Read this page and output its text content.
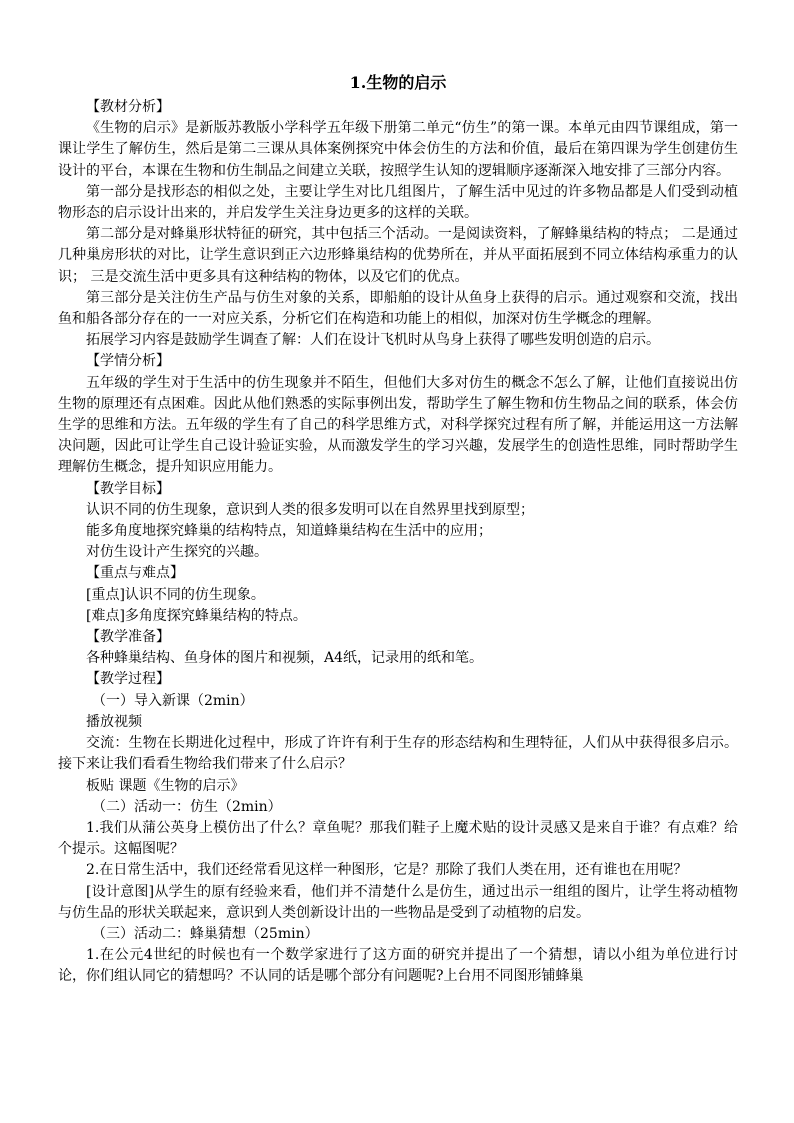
1.生物的启示

【教材分析】

《生物的启示》是新版苏教版小学科学五年级下册第二单元“仿生”的第一课。本单元由四节课组成，第一课让学生了解仿生，然后是第二三课从具体案例探究中体会仿生的方法和价值，最后在第四课为学生创建仿生设计的平台，本课在生物和仿生制品之间建立关联，按照学生认知的逻辑顺序逐渐深入地安排了三部分内容。

第一部分是找形态的相似之处，主要让学生对比几组图片，了解生活中见过的许多物品都是人们受到动植物形态的启示设计出来的，并启发学生关注身边更多的这样的关联。

第二部分是对蜂巢形状特征的研究，其中包括三个活动。一是阅读资料，了解蜂巢结构的特点； 二是通过几种巢房形状的对比，让学生意识到正六边形蜂巢结构的优势所在，并从平面拓展到不同立体结构承重力的认识； 三是交流生活中更多具有这种结构的物体，以及它们的优点。

第三部分是关注仿生产品与仿生对象的关系，即船舶的设计从鱼身上获得的启示。通过观察和交流，找出鱼和船各部分存在的一一对应关系，分析它们在构造和功能上的相似，加深对仿生学概念的理解。

拓展学习内容是鼓励学生调查了解：人们在设计飞机时从鸟身上获得了哪些发明创造的启示。

【学情分析】

五年级的学生对于生活中的仿生现象并不陌生，但他们大多对仿生的概念不怎么了解，让他们直接说出仿生物的原理还有点困难。因此从他们熟悉的实际事例出发，帮助学生了解生物和仿生物品之间的联系，体会仿生学的思维和方法。五年级的学生有了自己的科学思维方式，对科学探究过程有所了解，并能运用这一方法解决问题，因此可让学生自己设计验证实验，从而激发学生的学习兴趣，发展学生的创造性思维，同时帮助学生理解仿生概念，提升知识应用能力。

【教学目标】

认识不同的仿生现象，意识到人类的很多发明可以在自然界里找到原型；

能多角度地探究蜂巢的结构特点，知道蜂巢结构在生活中的应用；

对仿生设计产生探究的兴趣。

【重点与难点】

[重点]认识不同的仿生现象。

[难点]多角度探究蜂巢结构的特点。

【教学准备】

各种蜂巢结构、鱼身体的图片和视频，A4纸，记录用的纸和笔。

【教学过程】

（一）导入新课（2min）

播放视频

交流：生物在长期进化过程中，形成了许许有利于生存的形态结构和生理特征，人们从中获得很多启示。接下来让我们看看生物给我们带来了什么启示？

板贴 课题《生物的启示》

（二）活动一：仿生（2min）

1.我们从蒲公英身上模仿出了什么？章鱼呢？那我们鞋子上魔术贴的设计灵感又是来自于谁？有点难？给个提示。这幅图呢？

2.在日常生活中，我们还经常看见这样一种图形，它是？那除了我们人类在用，还有谁也在用呢？

[设计意图]从学生的原有经验来看，他们并不清楚什么是仿生，通过出示一组组的图片，让学生将动植物与仿生品的形状关联起来，意识到人类创新设计出的一些物品是受到了动植物的启发。

（三）活动二：蜂巢猜想（25min）

1.在公元4世纪的时候也有一个数学家进行了这方面的研究并提出了一个猜想，请以小组为单位进行讨论，你们组认同它的猜想吗？不认同的话是哪个部分有问题呢?上台用不同图形铺蜂巢
